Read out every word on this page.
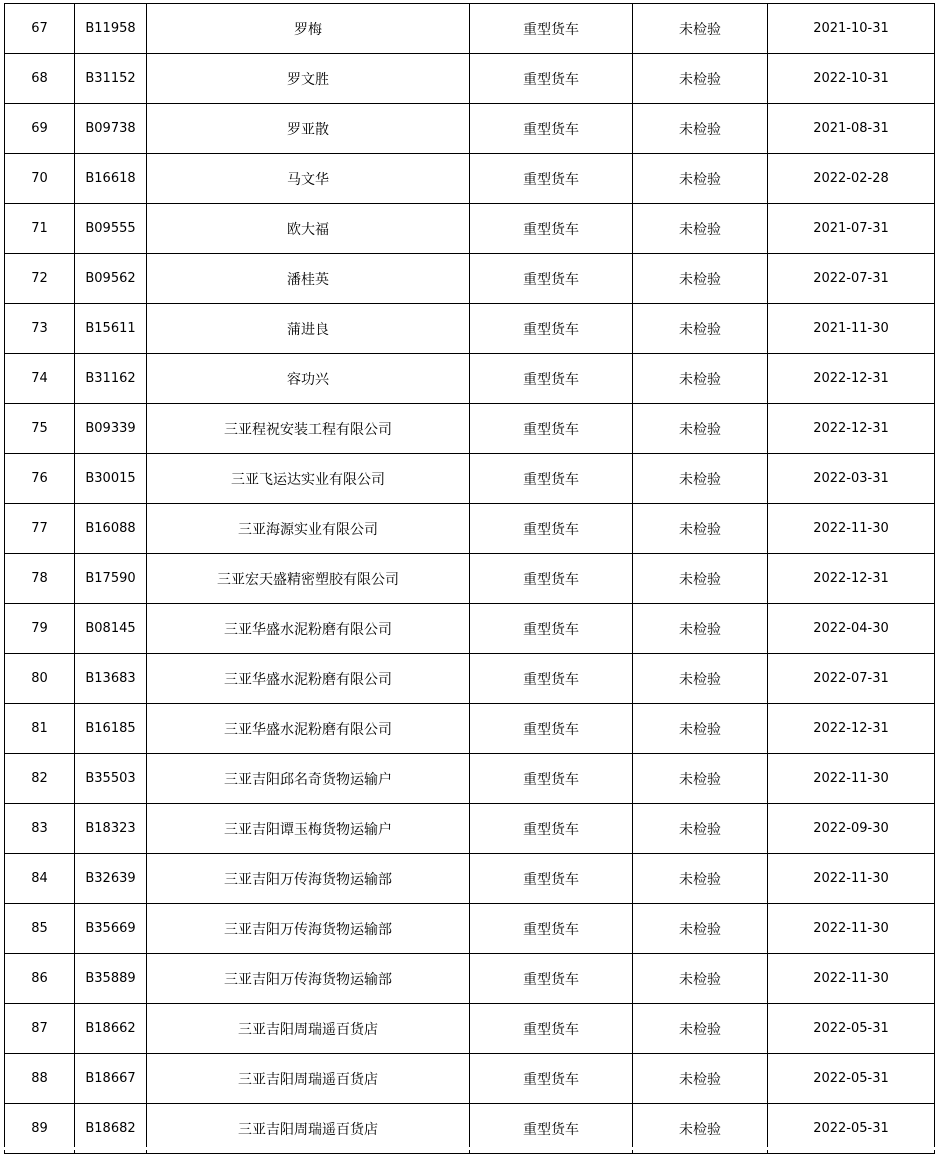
67	B11958	罗梅	重型货车	未检验	2021-10-31
68	B31152	罗文胜	重型货车	未检验	2022-10-31
69	B09738	罗亚散	重型货车	未检验	2021-08-31
70	B16618	马文华	重型货车	未检验	2022-02-28
71	B09555	欧大福	重型货车	未检验	2021-07-31
72	B09562	潘桂英	重型货车	未检验	2022-07-31
73	B15611	蒲进良	重型货车	未检验	2021-11-30
74	B31162	容功兴	重型货车	未检验	2022-12-31
75	B09339	三亚程祝安装工程有限公司	重型货车	未检验	2022-12-31
76	B30015	三亚飞运达实业有限公司	重型货车	未检验	2022-03-31
77	B16088	三亚海源实业有限公司	重型货车	未检验	2022-11-30
78	B17590	三亚宏天盛精密塑胶有限公司	重型货车	未检验	2022-12-31
79	B08145	三亚华盛水泥粉磨有限公司	重型货车	未检验	2022-04-30
80	B13683	三亚华盛水泥粉磨有限公司	重型货车	未检验	2022-07-31
81	B16185	三亚华盛水泥粉磨有限公司	重型货车	未检验	2022-12-31
82	B35503	三亚吉阳邱名奇货物运输户	重型货车	未检验	2022-11-30
83	B18323	三亚吉阳谭玉梅货物运输户	重型货车	未检验	2022-09-30
84	B32639	三亚吉阳万传海货物运输部	重型货车	未检验	2022-11-30
85	B35669	三亚吉阳万传海货物运输部	重型货车	未检验	2022-11-30
86	B35889	三亚吉阳万传海货物运输部	重型货车	未检验	2022-11-30
87	B18662	三亚吉阳周瑞遥百货店	重型货车	未检验	2022-05-31
88	B18667	三亚吉阳周瑞遥百货店	重型货车	未检验	2022-05-31
89	B18682	三亚吉阳周瑞遥百货店	重型货车	未检验	2022-05-31
